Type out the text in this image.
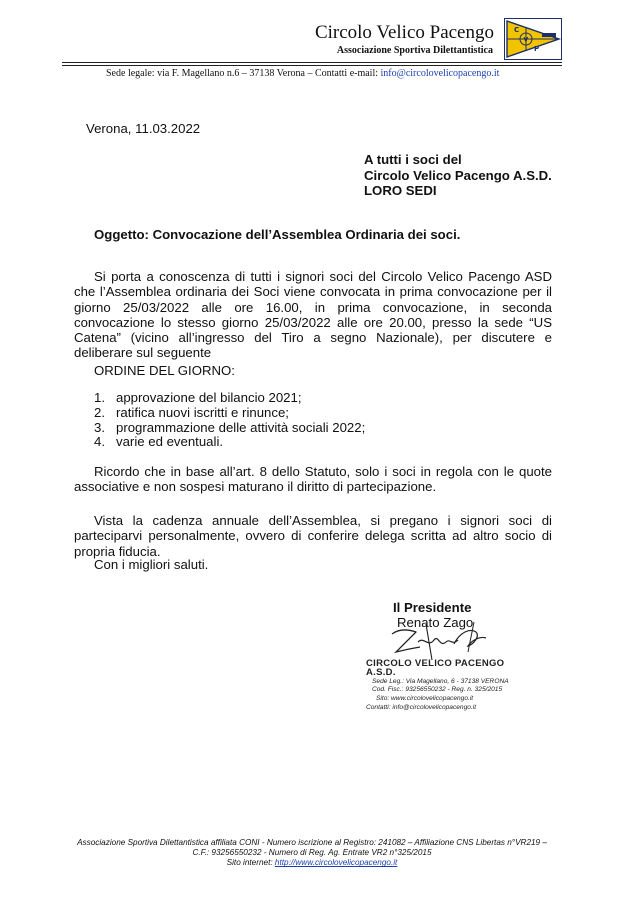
Circolo Velico Pacengo
Associazione Sportiva Dilettantistica
C
V
P
Sede legale: via F. Magellano n.6 – 37138 Verona – Contatti e-mail: info@circolovelicopacengo.it
Verona, 11.03.2022
A tutti i soci del
Circolo Velico Pacengo A.S.D.
LORO SEDI
Oggetto: Convocazione dell’Assemblea Ordinaria dei soci.
Si porta a conoscenza di tutti i signori soci del Circolo Velico Pacengo ASD che l’Assemblea ordinaria dei Soci viene convocata in prima convocazione per il giorno 25/03/2022 alle ore 16.00, in prima convocazione, in seconda convocazione lo stesso giorno 25/03/2022 alle ore 20.00, presso la sede “US Catena” (vicino all’ingresso del Tiro a segno Nazionale), per discutere e deliberare sul seguente
ORDINE DEL GIORNO:
1. approvazione del bilancio 2021;
2. ratifica nuovi iscritti e rinunce;
3. programmazione delle attività sociali 2022;
4. varie ed eventuali.
Ricordo che in base all’art. 8 dello Statuto, solo i soci in regola con le quote associative e non sospesi maturano il diritto di partecipazione.
Vista la cadenza annuale dell’Assemblea, si pregano i signori soci di parteciparvi personalmente, ovvero di conferire delega scritta ad altro socio di propria fiducia.
Con i migliori saluti.
Il Presidente
Renato Zago
CIRCOLO VELICO PACENGO A.S.D.
Sede Leg.: Via Magellano, 6 - 37138 VERONA
Cod. Fisc.: 93256550232 - Reg. n. 325/2015
Sito: www.circolovelicopacengo.it
Contatti: info@circolovelicopacengo.it
Associazione Sportiva Dilettantistica affiliata CONI - Numero iscrizione al Registro: 241082 – Affiliazione CNS Libertas n°VR219 –
C.F.: 93256550232 - Numero di Reg. Ag. Entrate VR2 n°325/2015
Sito internet: http://www.circolovelicopacengo.it
